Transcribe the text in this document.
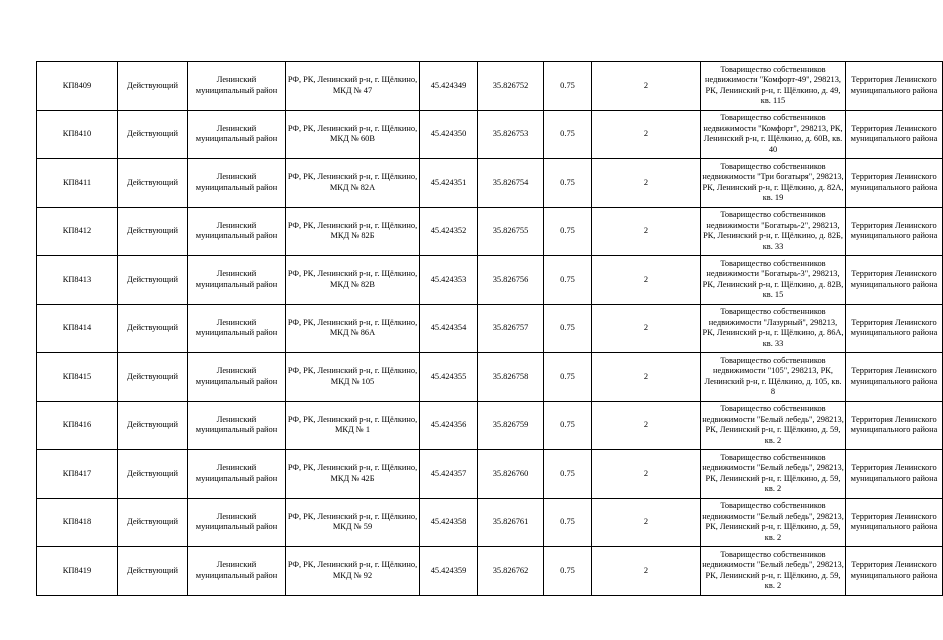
КП8409	Действующий	Ленинский муниципальный район	РФ, РК, Ленинский р-н, г. Щёлкино, МКД № 47	45.424349	35.826752	0.75	2	Товарищество собственников недвижимости "Комфорт-49", 298213, РК, Ленинский р-н, г. Щёлкино, д. 49, кв. 115	Территория Ленинского муниципального района
КП8410	Действующий	Ленинский муниципальный район	РФ, РК, Ленинский р-н, г. Щёлкино, МКД № 60В	45.424350	35.826753	0.75	2	Товарищество собственников недвижимости "Комфорт", 298213, РК, Ленинский р-н, г. Щёлкино, д. 60В, кв. 40	Территория Ленинского муниципального района
КП8411	Действующий	Ленинский муниципальный район	РФ, РК, Ленинский р-н, г. Щёлкино, МКД № 82А	45.424351	35.826754	0.75	2	Товарищество собственников недвижимости "Три богатыря", 298213, РК, Ленинский р-н, г. Щёлкино, д. 82А, кв. 19	Территория Ленинского муниципального района
КП8412	Действующий	Ленинский муниципальный район	РФ, РК, Ленинский р-н, г. Щёлкино, МКД № 82Б	45.424352	35.826755	0.75	2	Товарищество собственников недвижимости "Богатырь-2", 298213, РК, Ленинский р-н, г. Щёлкино, д. 82Б, кв. 33	Территория Ленинского муниципального района
КП8413	Действующий	Ленинский муниципальный район	РФ, РК, Ленинский р-н, г. Щёлкино, МКД № 82В	45.424353	35.826756	0.75	2	Товарищество собственников недвижимости "Богатырь-3", 298213, РК, Ленинский р-н, г. Щёлкино, д. 82В, кв. 15	Территория Ленинского муниципального района
КП8414	Действующий	Ленинский муниципальный район	РФ, РК, Ленинский р-н, г. Щёлкино, МКД № 86А	45.424354	35.826757	0.75	2	Товарищество собственников недвижимости "Лазурный", 298213, РК, Ленинский р-н, г. Щёлкино, д. 86А, кв. 33	Территория Ленинского муниципального района
КП8415	Действующий	Ленинский муниципальный район	РФ, РК, Ленинский р-н, г. Щёлкино, МКД № 105	45.424355	35.826758	0.75	2	Товарищество собственников недвижимости "105", 298213, РК, Ленинский р-н, г. Щёлкино, д. 105, кв. 8	Территория Ленинского муниципального района
КП8416	Действующий	Ленинский муниципальный район	РФ, РК, Ленинский р-н, г. Щёлкино, МКД № 1	45.424356	35.826759	0.75	2	Товарищество собственников недвижимости "Белый лебедь", 298213, РК, Ленинский р-н, г. Щёлкино, д. 59, кв. 2	Территория Ленинского муниципального района
КП8417	Действующий	Ленинский муниципальный район	РФ, РК, Ленинский р-н, г. Щёлкино, МКД № 42Б	45.424357	35.826760	0.75	2	Товарищество собственников недвижимости "Белый лебедь", 298213, РК, Ленинский р-н, г. Щёлкино, д. 59, кв. 2	Территория Ленинского муниципального района
КП8418	Действующий	Ленинский муниципальный район	РФ, РК, Ленинский р-н, г. Щёлкино, МКД № 59	45.424358	35.826761	0.75	2	Товарищество собственников недвижимости "Белый лебедь", 298213, РК, Ленинский р-н, г. Щёлкино, д. 59, кв. 2	Территория Ленинского муниципального района
КП8419	Действующий	Ленинский муниципальный район	РФ, РК, Ленинский р-н, г. Щёлкино, МКД № 92	45.424359	35.826762	0.75	2	Товарищество собственников недвижимости "Белый лебедь", 298213, РК, Ленинский р-н, г. Щёлкино, д. 59, кв. 2	Территория Ленинского муниципального района
